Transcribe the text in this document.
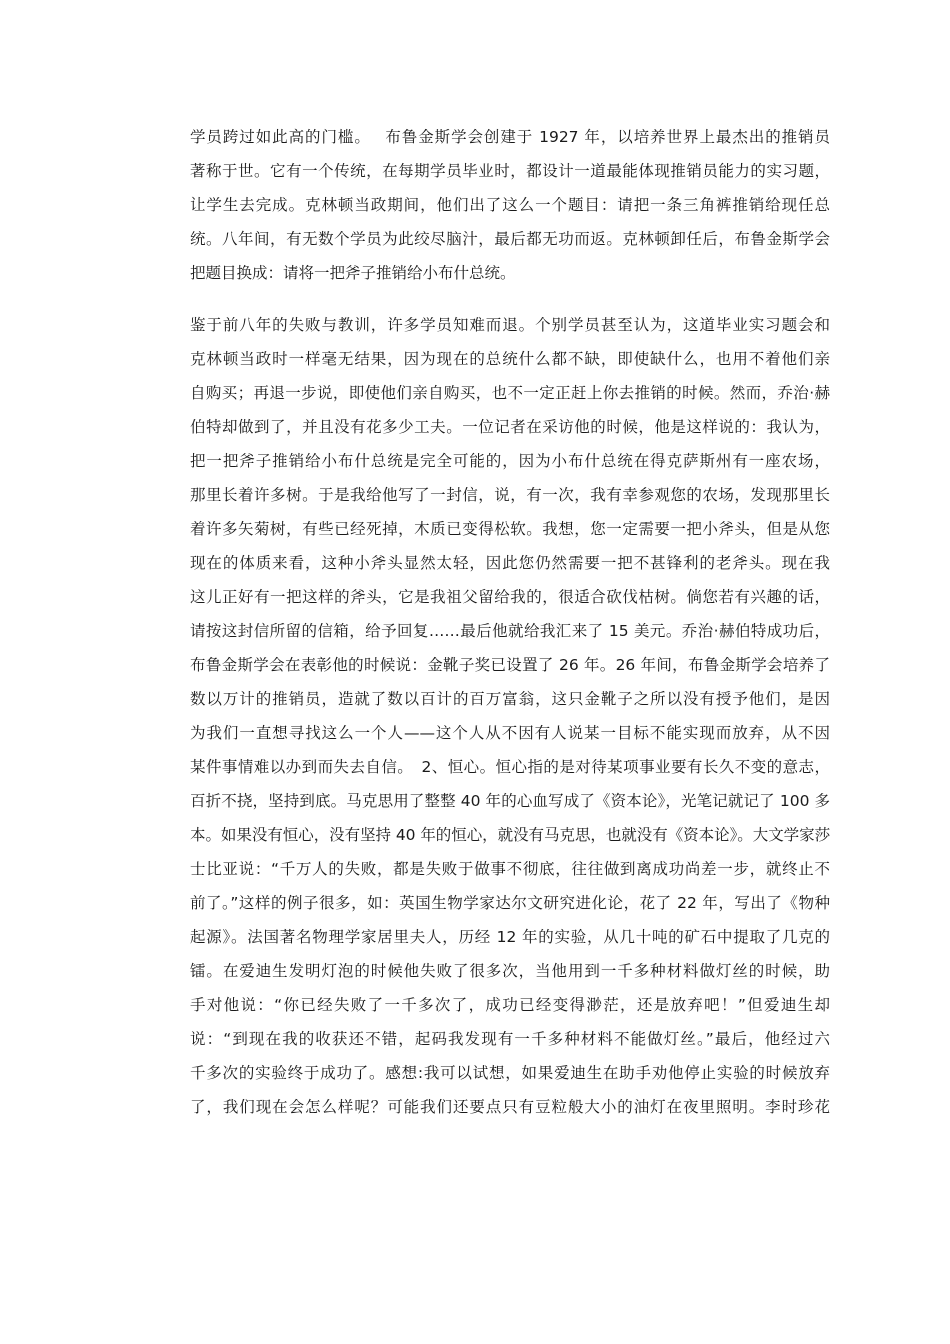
学员跨过如此高的门槛。　 布鲁金斯学会创建于 1927 年，以培养世界上最杰出的推销员
著称于世。它有一个传统，在每期学员毕业时，都设计一道最能体现推销员能力的实习题，
让学生去完成。克林顿当政期间，他们出了这么一个题目：请把一条三角裤推销给现任总
统。八年间，有无数个学员为此绞尽脑汁，最后都无功而返。克林顿卸任后，布鲁金斯学会
把题目换成：请将一把斧子推销给小布什总统。
鉴于前八年的失败与教训，许多学员知难而退。个别学员甚至认为，这道毕业实习题会和
克林顿当政时一样毫无结果，因为现在的总统什么都不缺，即使缺什么，也用不着他们亲
自购买；再退一步说，即使他们亲自购买，也不一定正赶上你去推销的时候。然而，乔治·赫
伯特却做到了，并且没有花多少工夫。一位记者在采访他的时候，他是这样说的：我认为，
把一把斧子推销给小布什总统是完全可能的，因为小布什总统在得克萨斯州有一座农场，
那里长着许多树。于是我给他写了一封信，说，有一次，我有幸参观您的农场，发现那里长
着许多矢菊树，有些已经死掉，木质已变得松软。我想，您一定需要一把小斧头，但是从您
现在的体质来看，这种小斧头显然太轻，因此您仍然需要一把不甚锋利的老斧头。现在我
这儿正好有一把这样的斧头，它是我祖父留给我的，很适合砍伐枯树。倘您若有兴趣的话，
请按这封信所留的信箱，给予回复……最后他就给我汇来了 15 美元。乔治·赫伯特成功后，
布鲁金斯学会在表彰他的时候说：金靴子奖已设置了 26 年。26 年间，布鲁金斯学会培养了
数以万计的推销员，造就了数以百计的百万富翁，这只金靴子之所以没有授予他们，是因
为我们一直想寻找这么一个人——这个人从不因有人说某一目标不能实现而放弃，从不因
某件事情难以办到而失去自信。　2、恒心。恒心指的是对待某项事业要有长久不变的意志，
百折不挠，坚持到底。马克思用了整整 40 年的心血写成了《资本论》，光笔记就记了 100 多
本。如果没有恒心，没有坚持 40 年的恒心，就没有马克思，也就没有《资本论》。大文学家莎
士比亚说：“千万人的失败，都是失败于做事不彻底，往往做到离成功尚差一步，就终止不
前了。”这样的例子很多，如：英国生物学家达尔文研究进化论，花了 22 年，写出了《物种
起源》。法国著名物理学家居里夫人，历经 12 年的实验，从几十吨的矿石中提取了几克的
镭。在爱迪生发明灯泡的时候他失败了很多次，当他用到一千多种材料做灯丝的时候，助
手对他说：“你已经失败了一千多次了，成功已经变得渺茫，还是放弃吧！”但爱迪生却
说：“到现在我的收获还不错，起码我发现有一千多种材料不能做灯丝。”最后，他经过六
千多次的实验终于成功了。感想:我可以试想，如果爱迪生在助手劝他停止实验的时候放弃
了，我们现在会怎么样呢？可能我们还要点只有豆粒般大小的油灯在夜里照明。李时珍花
